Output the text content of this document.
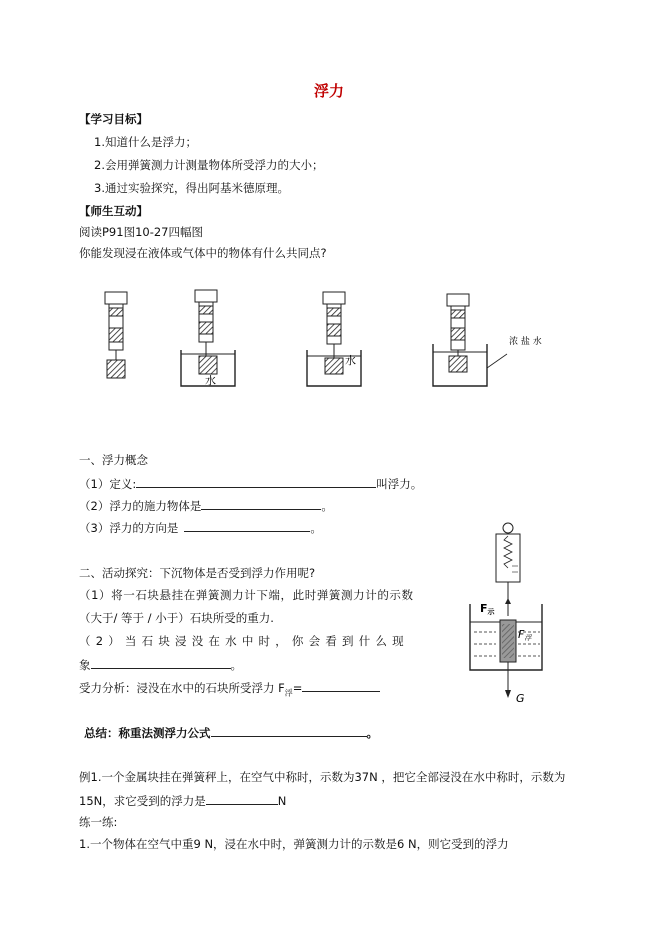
浮力
【学习目标】
1.知道什么是浮力；
2.会用弹簧测力计测量物体所受浮力的大小；
3.通过实验探究，得出阿基米德原理。
【师生互动】
阅读P91图10-27四幅图
你能发现浸在液体或气体中的物体有什么共同点?
水
水
浓 盐 水
一、浮力概念
（1）定义:	叫浮力。
（2）浮力的施力物体是	。
（3）浮力的方向是	。
二、活动探究：下沉物体是否受到浮力作用呢?
（1）将一石块悬挂在弹簧测力计下端，此时弹簧测力计的示数
（大于/ 等于 / 小于）石块所受的重力.
（2）当石块浸没在水中时，你会看到什么现
象	。
受力分析：浸没在水中的石块所受浮力 $F_浮=$
F示
F浮
G
总结：称重法测浮力公式	。
例1.一个金属块挂在弹簧秤上，在空气中称时，示数为37N ，把它全部浸没在水中称时，示数为
15N，求它受到的浮力是	N
练一练:
1.一个物体在空气中重9 N，浸在水中时，弹簧测力计的示数是6 N，则它受到的浮力
